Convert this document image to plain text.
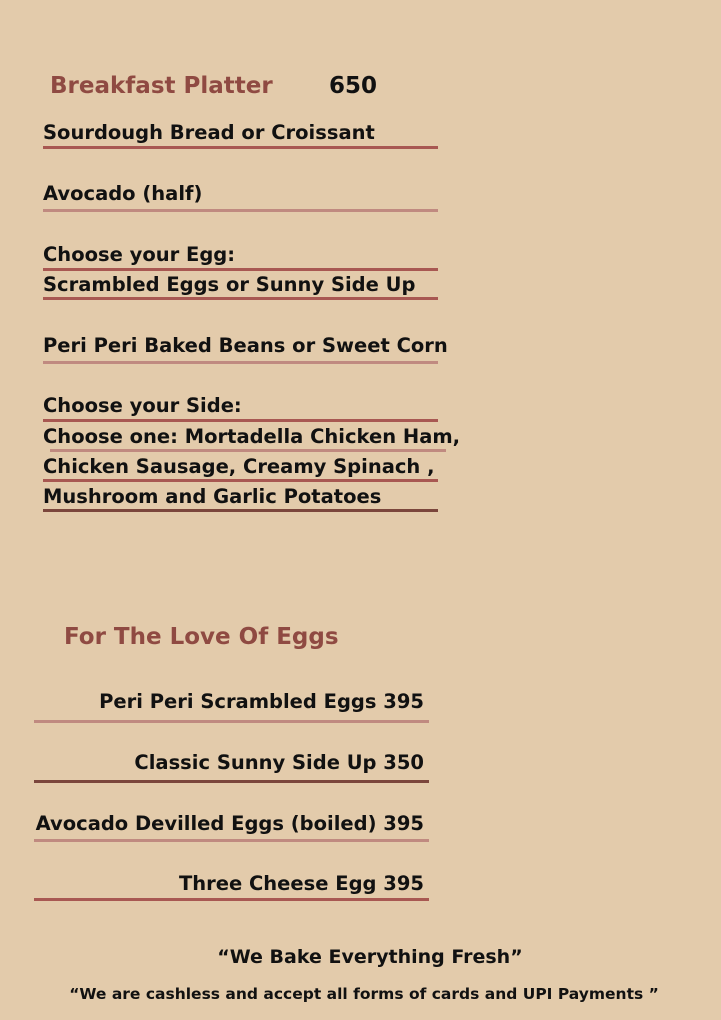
Breakfast Platter 650
Sourdough Bread or Croissant
Avocado (half)
Choose your Egg:
Scrambled Eggs or Sunny Side Up
Peri Peri Baked Beans or Sweet Corn
Choose your Side:
Choose one: Mortadella Chicken Ham,
Chicken Sausage, Creamy Spinach ,
Mushroom and Garlic Potatoes
For The Love Of Eggs
Peri Peri Scrambled Eggs 395
Classic Sunny Side Up 350
Avocado Devilled Eggs (boiled) 395
Three Cheese Egg 395
“We Bake Everything Fresh”
“We are cashless and accept all forms of cards and UPI Payments ”
